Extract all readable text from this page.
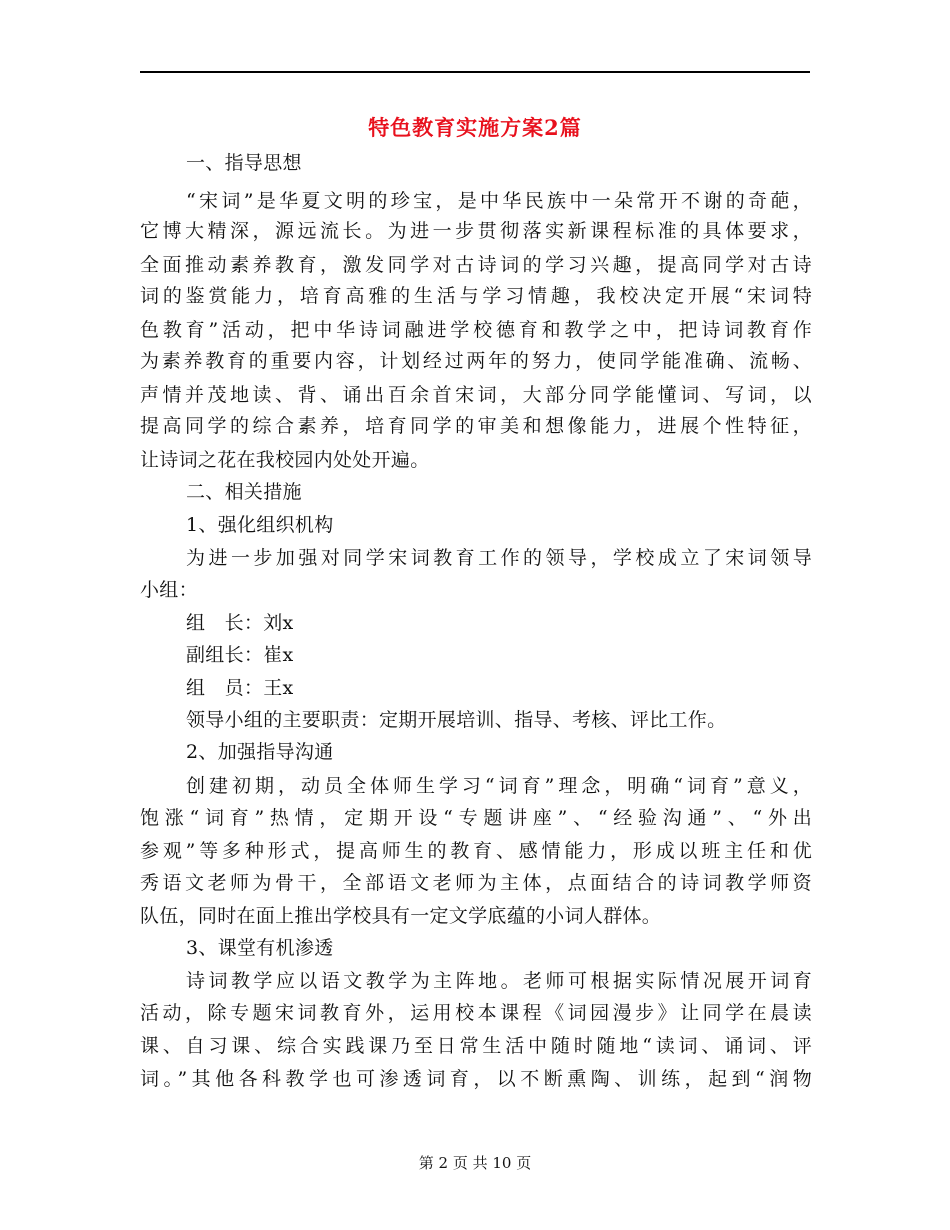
特色教育实施方案2篇
一、指导思想
“宋词”是华夏文明的珍宝，是中华民族中一朵常开不谢的奇葩，
它博大精深，源远流长。为进一步贯彻落实新课程标准的具体要求，
全面推动素养教育，激发同学对古诗词的学习兴趣，提高同学对古诗
词的鉴赏能力，培育高雅的生活与学习情趣，我校决定开展“宋词特
色教育”活动，把中华诗词融进学校德育和教学之中，把诗词教育作
为素养教育的重要内容，计划经过两年的努力，使同学能准确、流畅、
声情并茂地读、背、诵出百余首宋词，大部分同学能懂词、写词，以
提高同学的综合素养，培育同学的审美和想像能力，进展个性特征，
让诗词之花在我校园内处处开遍。
二、相关措施
1、强化组织机构
为进一步加强对同学宋词教育工作的领导，学校成立了宋词领导
小组：
组　长：刘x
副组长：崔x
组　员：王x
领导小组的主要职责：定期开展培训、指导、考核、评比工作。
2、加强指导沟通
创建初期，动员全体师生学习“词育”理念，明确“词育”意义，
饱涨“词育”热情，定期开设“专题讲座”、“经验沟通”、“外出
参观”等多种形式，提高师生的教育、感情能力，形成以班主任和优
秀语文老师为骨干，全部语文老师为主体，点面结合的诗词教学师资
队伍，同时在面上推出学校具有一定文学底蕴的小词人群体。
3、课堂有机渗透
诗词教学应以语文教学为主阵地。老师可根据实际情况展开词育
活动，除专题宋词教育外，运用校本课程《词园漫步》让同学在晨读
课、自习课、综合实践课乃至日常生活中随时随地“读词、诵词、评
词。”其他各科教学也可渗透词育，以不断熏陶、训练，起到“润物
第 2 页 共 10 页
